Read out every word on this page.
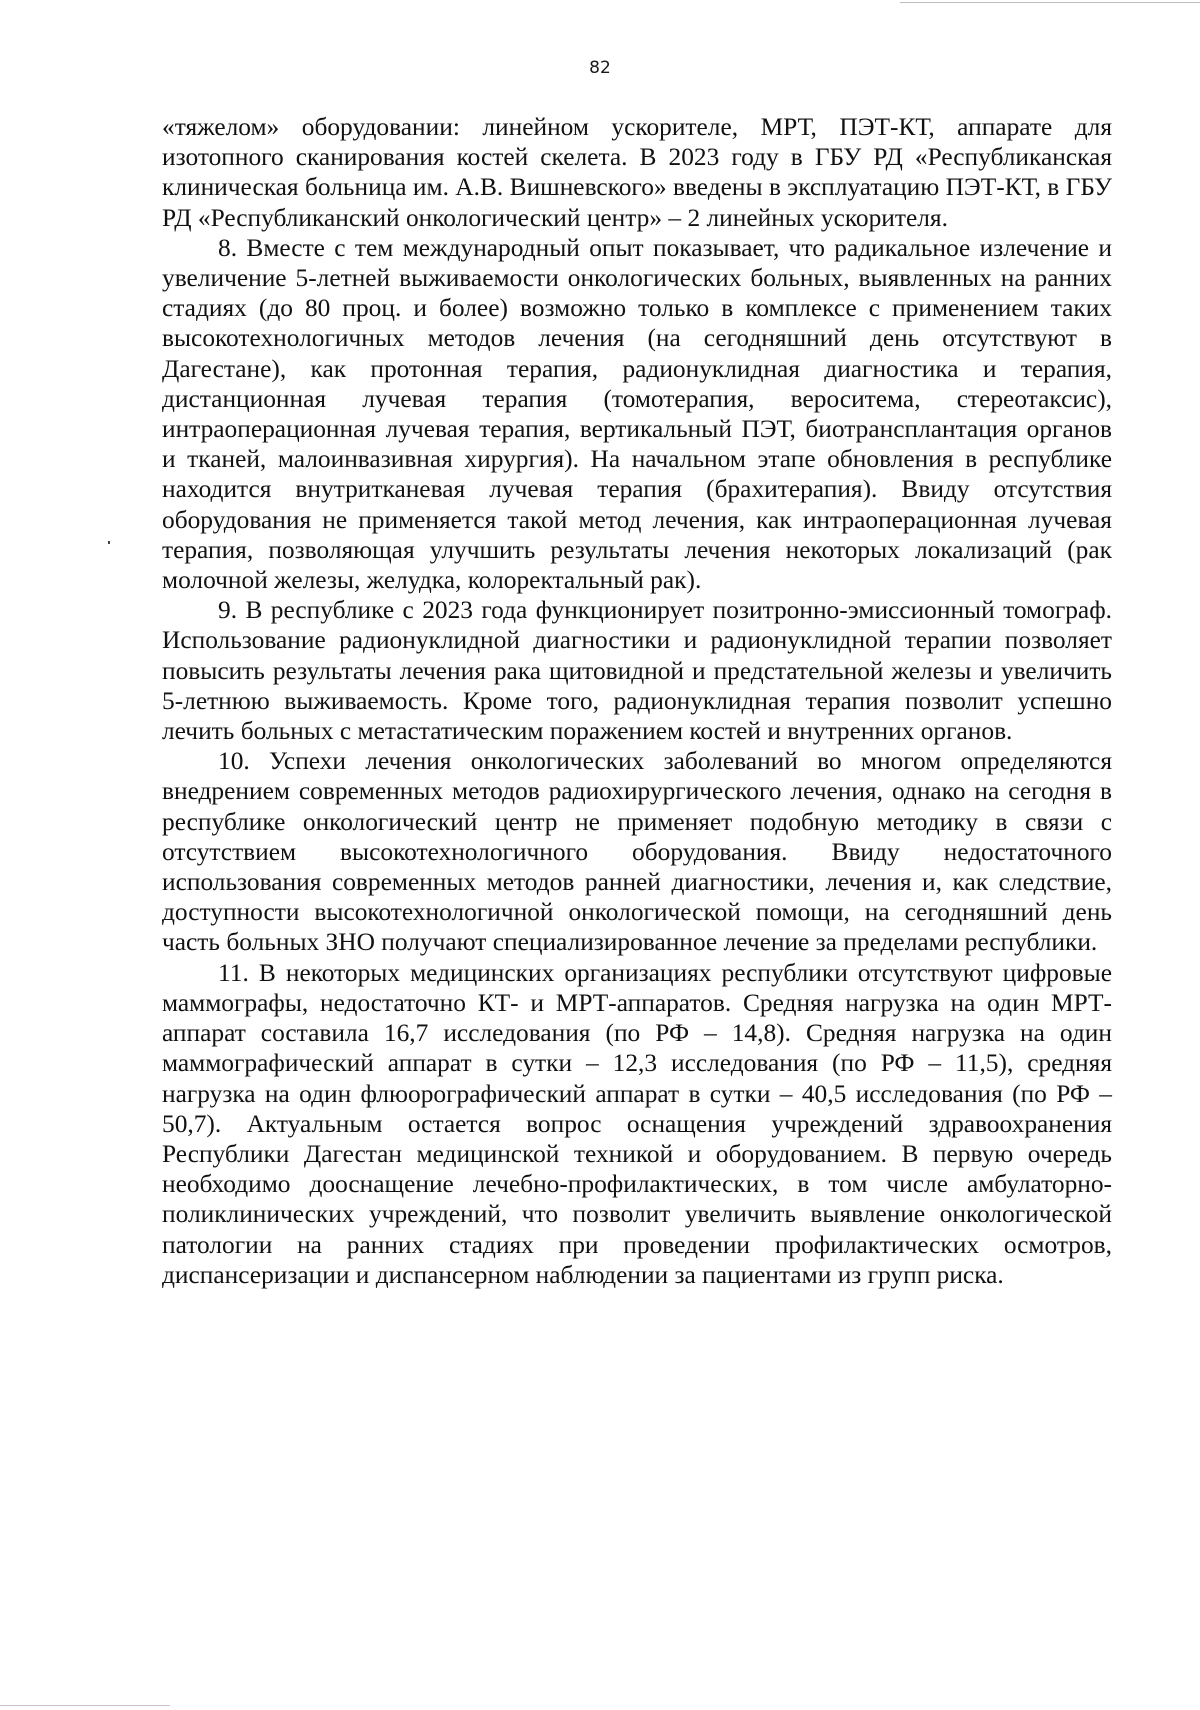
82

«тяжелом» оборудовании: линейном ускорителе, МРТ, ПЭТ-КТ, аппарате для изотопного сканирования костей скелета. В 2023 году в ГБУ РД «Республиканская клиническая больница им. А.В. Вишневского» введены в эксплуатацию ПЭТ-КТ, в ГБУ РД «Республиканский онкологический центр» – 2 линейных ускорителя.

8. Вместе с тем международный опыт показывает, что радикальное излечение и увеличение 5-летней выживаемости онкологических больных, выявленных на ранних стадиях (до 80 проц. и более) возможно только в комплексе с применением таких высокотехнологичных методов лечения (на сегодняшний день отсутствуют в Дагестане), как протонная терапия, радионуклидная диагностика и терапия, дистанционная лучевая терапия (томотерапия, вероситема, стереотаксис), интраоперационная лучевая терапия, вертикальный ПЭТ, биотрансплантация органов и тканей, малоинвазивная хирургия). На начальном этапе обновления в республике находится внутритканевая лучевая терапия (брахитерапия). Ввиду отсутствия оборудования не применяется такой метод лечения, как интраоперационная лучевая терапия, позволяющая улучшить результаты лечения некоторых локализаций (рак молочной железы, желудка, колоректальный рак).

9. В республике с 2023 года функционирует позитронно-эмиссионный томограф. Использование радионуклидной диагностики и радионуклидной терапии позволяет повысить результаты лечения рака щитовидной и предстательной железы и увеличить 5-летнюю выживаемость. Кроме того, радионуклидная терапия позволит успешно лечить больных с метастатическим поражением костей и внутренних органов.

10. Успехи лечения онкологических заболеваний во многом определяются внедрением современных методов радиохирургического лечения, однако на сегодня в республике онкологический центр не применяет подобную методику в связи с отсутствием высокотехнологичного оборудования. Ввиду недостаточного использования современных методов ранней диагностики, лечения и, как следствие, доступности высокотехнологичной онкологической помощи, на сегодняшний день часть больных ЗНО получают специализированное лечение за пределами республики.

11. В некоторых медицинских организациях республики отсутствуют цифровые маммографы, недостаточно КТ- и МРТ-аппаратов. Средняя нагрузка на один МРТ-аппарат составила 16,7 исследования (по РФ – 14,8). Средняя нагрузка на один маммографический аппарат в сутки – 12,3 исследования (по РФ – 11,5), средняя нагрузка на один флюорографический аппарат в сутки – 40,5 исследования (по РФ – 50,7). Актуальным остается вопрос оснащения учреждений здравоохранения Республики Дагестан медицинской техникой и оборудованием. В первую очередь необходимо дооснащение лечебно-профилактических, в том числе амбулаторно-поликлинических учреждений, что позволит увеличить выявление онкологической патологии на ранних стадиях при проведении профилактических осмотров, диспансеризации и диспансерном наблюдении за пациентами из групп риска.
